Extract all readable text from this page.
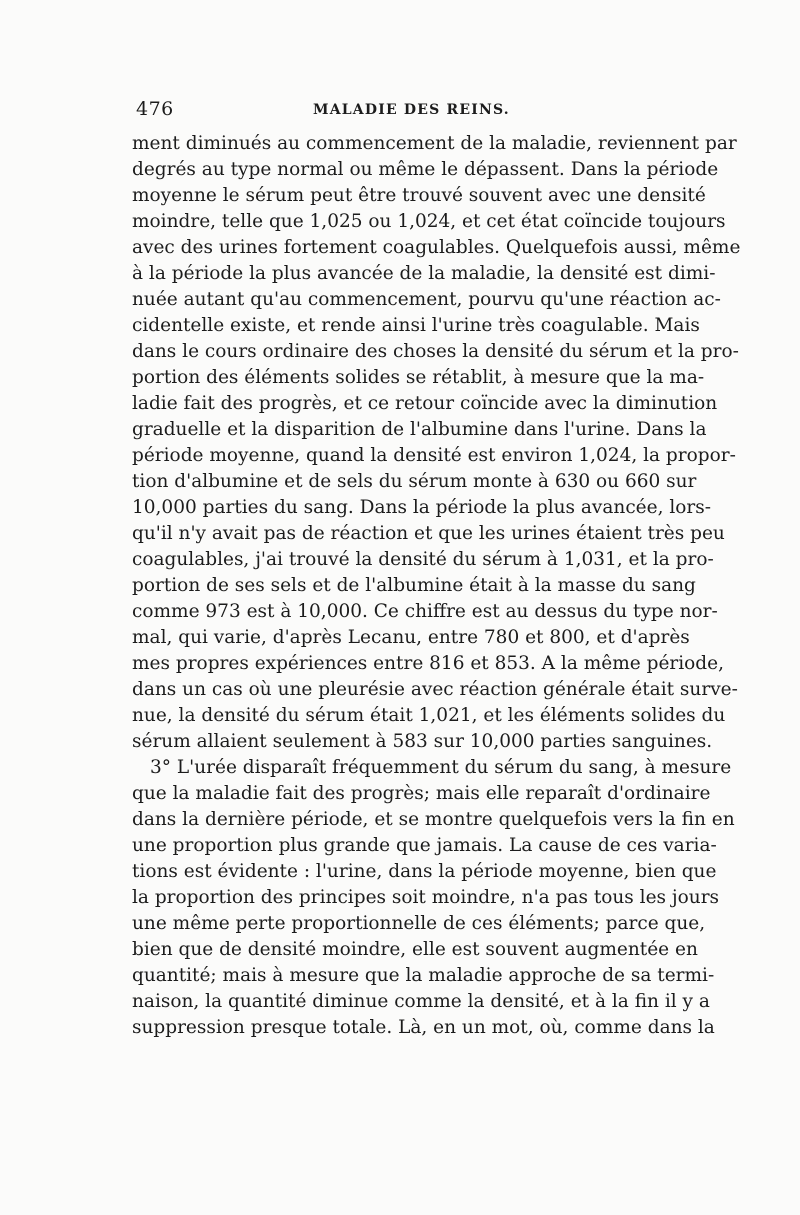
476	MALADIE DES REINS.
ment diminués au commencement de la maladie, reviennent par
degrés au type normal ou même le dépassent. Dans la période
moyenne le sérum peut être trouvé souvent avec une densité
moindre, telle que 1,025 ou 1,024, et cet état coïncide toujours
avec des urines fortement coagulables. Quelquefois aussi, même
à la période la plus avancée de la maladie, la densité est dimi-
nuée autant qu'au commencement, pourvu qu'une réaction ac-
cidentelle existe, et rende ainsi l'urine très coagulable. Mais
dans le cours ordinaire des choses la densité du sérum et la pro-
portion des éléments solides se rétablit, à mesure que la ma-
ladie fait des progrès, et ce retour coïncide avec la diminution
graduelle et la disparition de l'albumine dans l'urine. Dans la
période moyenne, quand la densité est environ 1,024, la propor-
tion d'albumine et de sels du sérum monte à 630 ou 660 sur
10,000 parties du sang. Dans la période la plus avancée, lors-
qu'il n'y avait pas de réaction et que les urines étaient très peu
coagulables, j'ai trouvé la densité du sérum à 1,031, et la pro-
portion de ses sels et de l'albumine était à la masse du sang
comme 973 est à 10,000. Ce chiffre est au dessus du type nor-
mal, qui varie, d'après Lecanu, entre 780 et 800, et d'après
mes propres expériences entre 816 et 853. A la même période,
dans un cas où une pleurésie avec réaction générale était surve-
nue, la densité du sérum était 1,021, et les éléments solides du
sérum allaient seulement à 583 sur 10,000 parties sanguines.
3° L'urée disparaît fréquemment du sérum du sang, à mesure
que la maladie fait des progrès; mais elle reparaît d'ordinaire
dans la dernière période, et se montre quelquefois vers la fin en
une proportion plus grande que jamais. La cause de ces varia-
tions est évidente : l'urine, dans la période moyenne, bien que
la proportion des principes soit moindre, n'a pas tous les jours
une même perte proportionnelle de ces éléments; parce que,
bien que de densité moindre, elle est souvent augmentée en
quantité; mais à mesure que la maladie approche de sa termi-
naison, la quantité diminue comme la densité, et à la fin il y a
suppression presque totale. Là, en un mot, où, comme dans la
